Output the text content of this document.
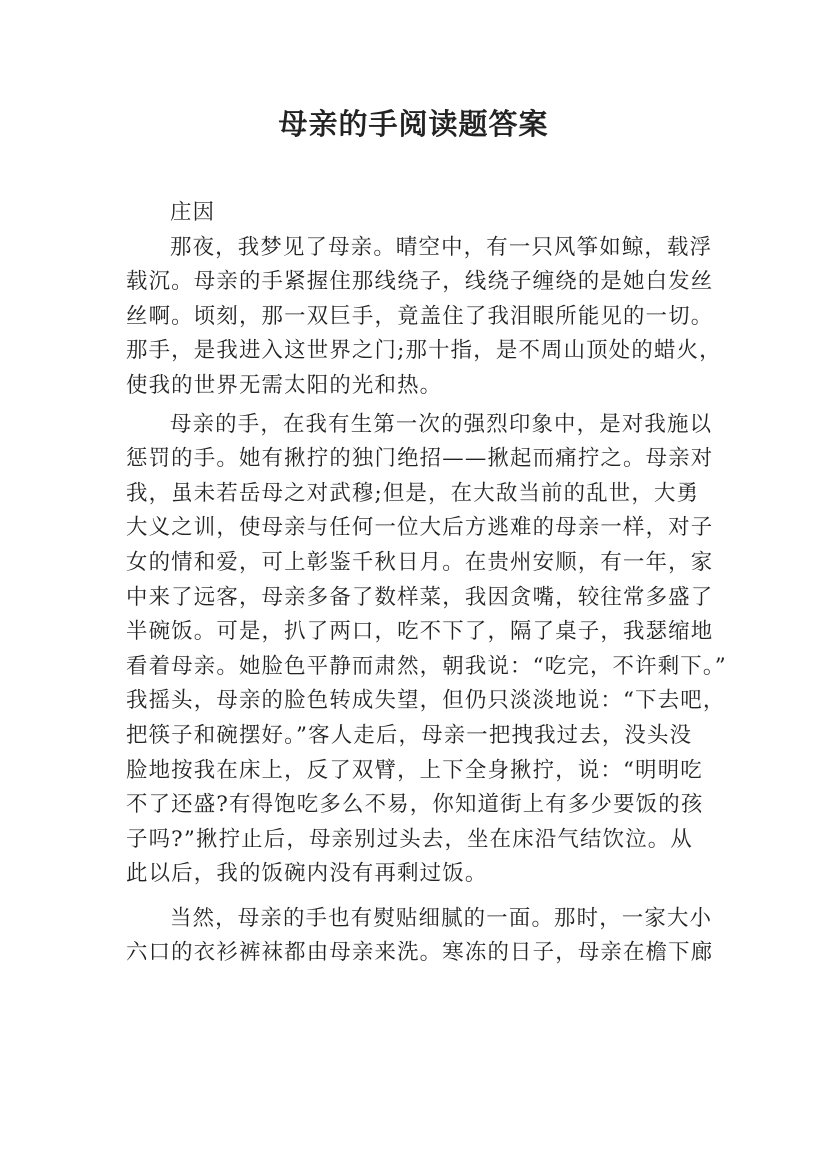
母亲的手阅读题答案
庄因
那夜，我梦见了母亲。晴空中，有一只风筝如鲸，载浮
载沉。母亲的手紧握住那线绕子，线绕子缠绕的是她白发丝
丝啊。顷刻，那一双巨手，竟盖住了我泪眼所能见的一切。
那手，是我进入这世界之门;那十指，是不周山顶处的蜡火，
使我的世界无需太阳的光和热。
母亲的手，在我有生第一次的强烈印象中，是对我施以
惩罚的手。她有揪拧的独门绝招——揪起而痛拧之。母亲对
我，虽未若岳母之对武穆;但是，在大敌当前的乱世，大勇
大义之训，使母亲与任何一位大后方逃难的母亲一样，对子
女的情和爱，可上彰鉴千秋日月。在贵州安顺，有一年，家
中来了远客，母亲多备了数样菜，我因贪嘴，较往常多盛了
半碗饭。可是，扒了两口，吃不下了，隔了桌子，我瑟缩地
看着母亲。她脸色平静而肃然，朝我说：“吃完，不许剩下。”
我摇头，母亲的脸色转成失望，但仍只淡淡地说：“下去吧，
把筷子和碗摆好。”客人走后，母亲一把拽我过去，没头没
脸地按我在床上，反了双臂，上下全身揪拧，说：“明明吃
不了还盛?有得饱吃多么不易，你知道街上有多少要饭的孩
子吗?”揪拧止后，母亲别过头去，坐在床沿气结饮泣。从
此以后，我的饭碗内没有再剩过饭。
当然，母亲的手也有熨贴细腻的一面。那时，一家大小
六口的衣衫裤袜都由母亲来洗。寒冻的日子，母亲在檐下廊
